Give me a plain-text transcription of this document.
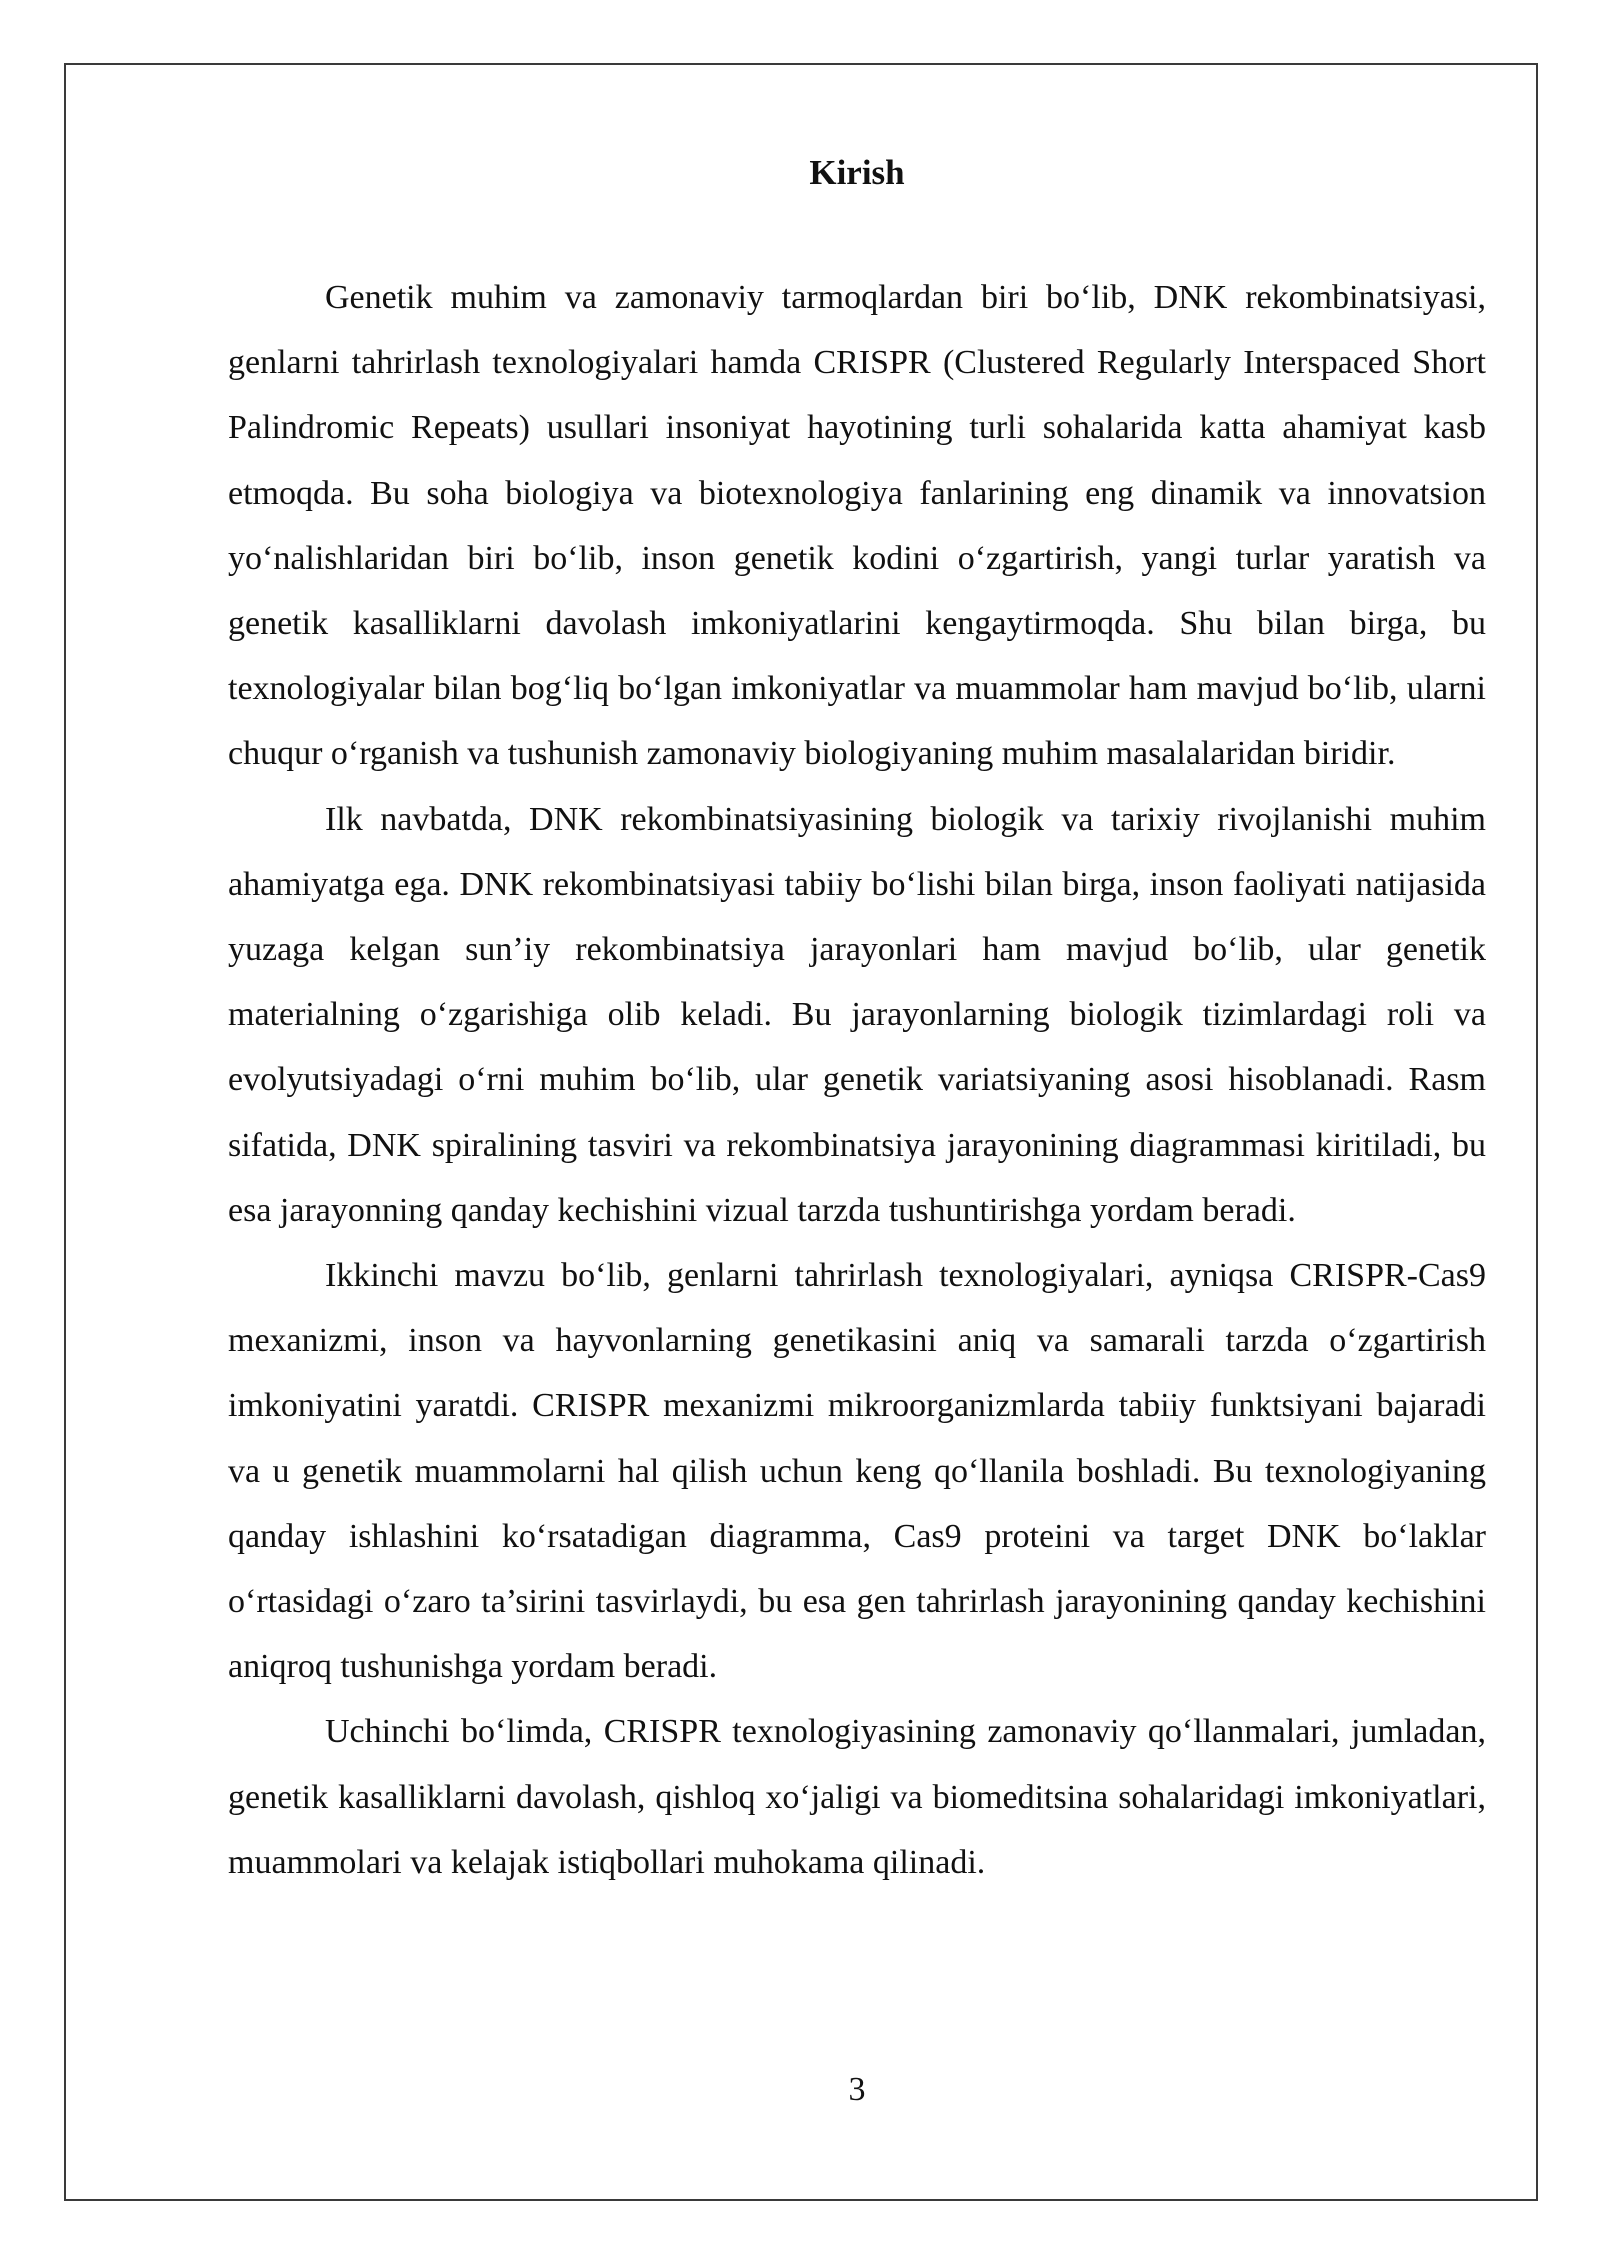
Kirish

Genetik muhim va zamonaviy tarmoqlardan biri bo‘lib, DNK rekombinatsiyasi, genlarni tahrirlash texnologiyalari hamda CRISPR (Clustered Regularly Interspaced Short Palindromic Repeats) usullari insoniyat hayotining turli sohalarida katta ahamiyat kasb etmoqda. Bu soha biologiya va biotexnologiya fanlarining eng dinamik va innovatsion yo‘nalishlaridan biri bo‘lib, inson genetik kodini o‘zgartirish, yangi turlar yaratish va genetik kasalliklarni davolash imkoniyatlarini kengaytirmoqda. Shu bilan birga, bu texnologiyalar bilan bog‘liq bo‘lgan imkoniyatlar va muammolar ham mavjud bo‘lib, ularni chuqur o‘rganish va tushunish zamonaviy biologiyaning muhim masalalaridan biridir.

Ilk navbatda, DNK rekombinatsiyasining biologik va tarixiy rivojlanishi muhim ahamiyatga ega. DNK rekombinatsiyasi tabiiy bo‘lishi bilan birga, inson faoliyati natijasida yuzaga kelgan sun’iy rekombinatsiya jarayonlari ham mavjud bo‘lib, ular genetik materialning o‘zgarishiga olib keladi. Bu jarayonlarning biologik tizimlardagi roli va evolyutsiyadagi o‘rni muhim bo‘lib, ular genetik variatsiyaning asosi hisoblanadi. Rasm sifatida, DNK spiralining tasviri va rekombinatsiya jarayonining diagrammasi kiritiladi, bu esa jarayonning qanday kechishini vizual tarzda tushuntirishga yordam beradi.

Ikkinchi mavzu bo‘lib, genlarni tahrirlash texnologiyalari, ayniqsa CRISPR-Cas9 mexanizmi, inson va hayvonlarning genetikasini aniq va samarali tarzda o‘zgartirish imkoniyatini yaratdi. CRISPR mexanizmi mikroorganizmlarda tabiiy funktsiyani bajaradi va u genetik muammolarni hal qilish uchun keng qo‘llanila boshladi. Bu texnologiyaning qanday ishlashini ko‘rsatadigan diagramma, Cas9 proteini va target DNK bo‘laklar o‘rtasidagi o‘zaro ta’sirini tasvirlaydi, bu esa gen tahrirlash jarayonining qanday kechishini aniqroq tushunishga yordam beradi.

Uchinchi bo‘limda, CRISPR texnologiyasining zamonaviy qo‘llanmalari, jumladan, genetik kasalliklarni davolash, qishloq xo‘jaligi va biomeditsina sohalaridagi imkoniyatlari, muammolari va kelajak istiqbollari muhokama qilinadi.

3
